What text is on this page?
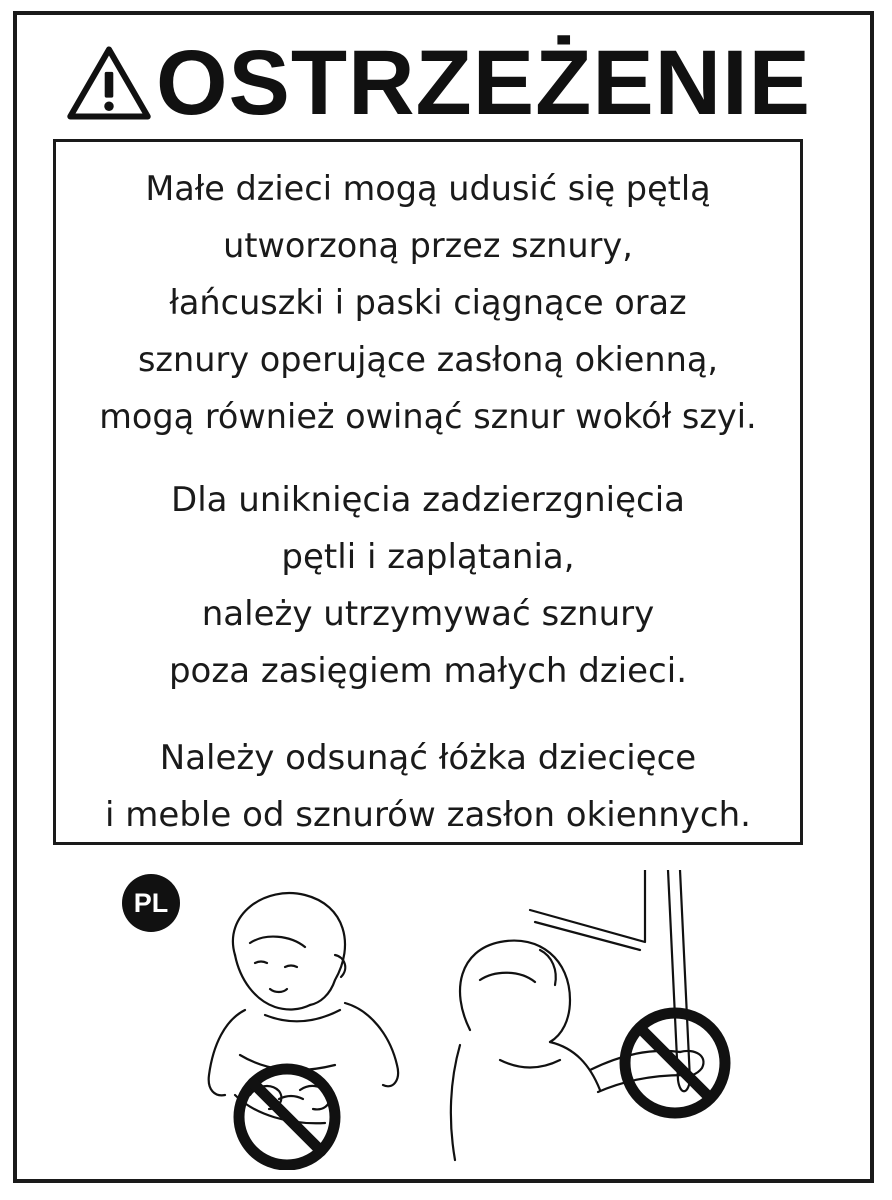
OSTRZEŻENIE
Małe dzieci mogą udusić się pętlą
utworzoną przez sznury,
łańcuszki i paski ciągnące oraz
sznury operujące zasłoną okienną,
mogą również owinąć sznur wokół szyi.
Dla uniknięcia zadzierzgnięcia
pętli i zaplątania,
należy utrzymywać sznury
poza zasięgiem małych dzieci.
Należy odsunąć łóżka dziecięce
i meble od sznurów zasłon okiennych.
PL
